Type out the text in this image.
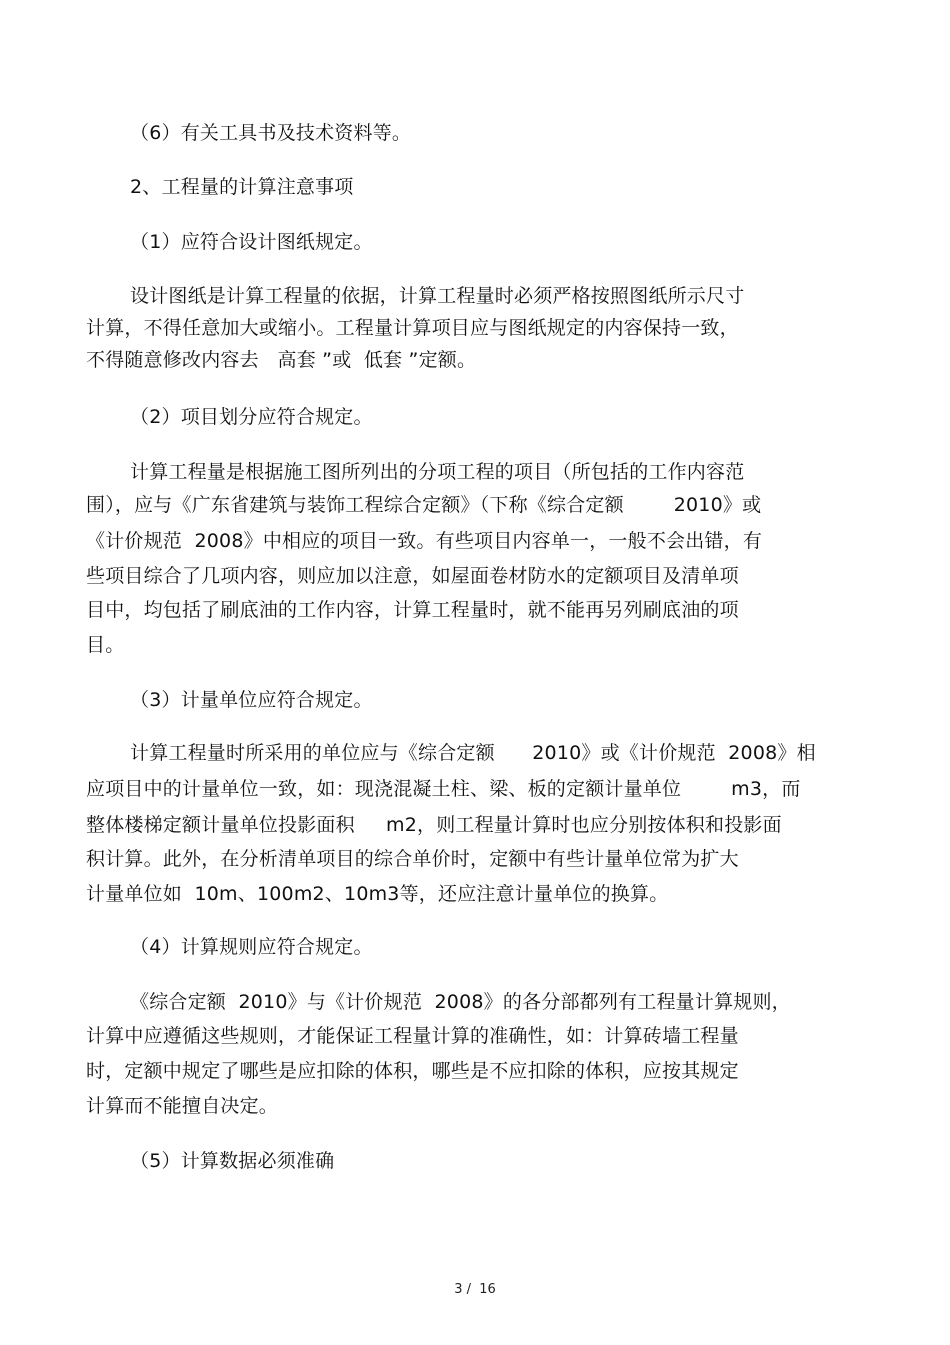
（6）有关工具书及技术资料等。
2、工程量的计算注意事项
（1）应符合设计图纸规定。
设计图纸是计算工程量的依据，计算工程量时必须严格按照图纸所示尺寸
计算，不得任意加大或缩小。工程量计算项目应与图纸规定的内容保持一致，
不得随意修改内容去   高套 ”或  低套 ”定额。
（2）项目划分应符合规定。
计算工程量是根据施工图所列出的分项工程的项目（所包括的工作内容范
围），应与《广东省建筑与装饰工程综合定额》（下称《综合定额        2010》或
《计价规范  2008》中相应的项目一致。有些项目内容单一，一般不会出错，有
些项目综合了几项内容，则应加以注意，如屋面卷材防水的定额项目及清单项
目中，均包括了刷底油的工作内容，计算工程量时，就不能再另列刷底油的项
目。
（3）计量单位应符合规定。
计算工程量时所采用的单位应与《综合定额      2010》或《计价规范  2008》相
应项目中的计量单位一致，如：现浇混凝土柱、梁、板的定额计量单位        m3，而
整体楼梯定额计量单位投影面积     m2，则工程量计算时也应分别按体积和投影面
积计算。此外，在分析清单项目的综合单价时，定额中有些计量单位常为扩大
计量单位如  10m、100m2、10m3等，还应注意计量单位的换算。
（4）计算规则应符合规定。
《综合定额  2010》与《计价规范  2008》的各分部都列有工程量计算规则，
计算中应遵循这些规则，才能保证工程量计算的准确性，如：计算砖墙工程量
时，定额中规定了哪些是应扣除的体积，哪些是不应扣除的体积，应按其规定
计算而不能擅自决定。
（5）计算数据必须准确
3 /  16
